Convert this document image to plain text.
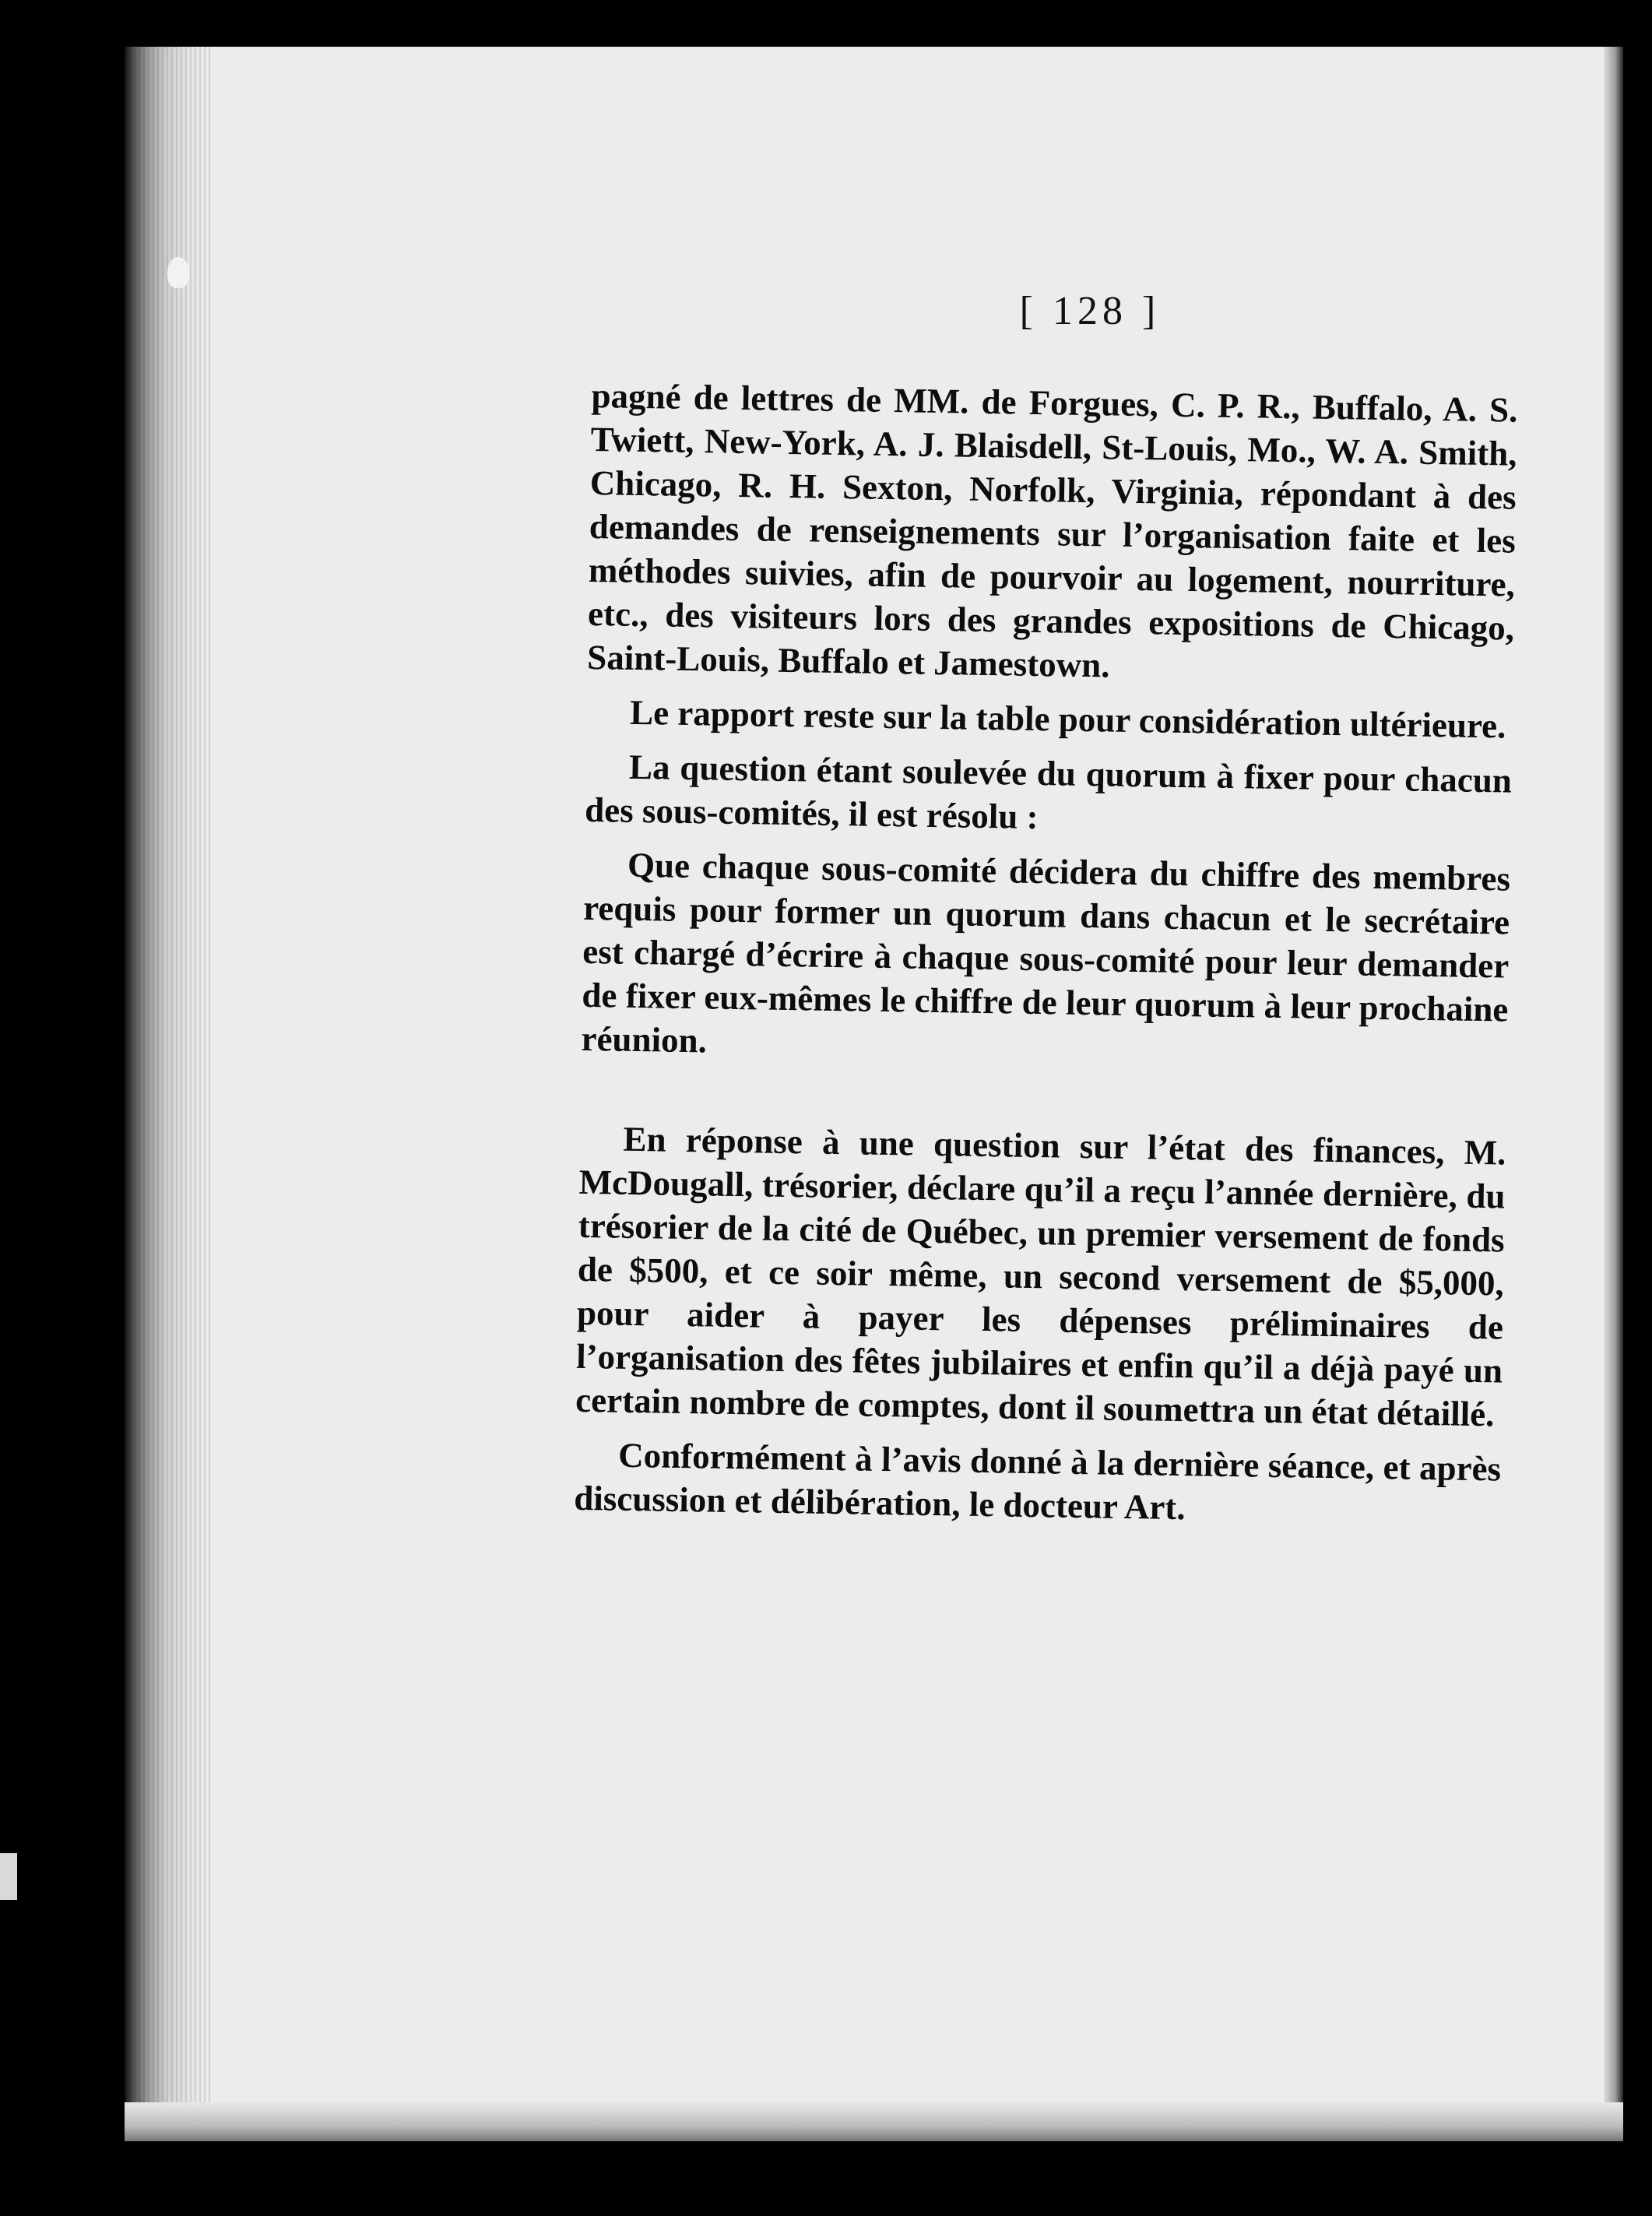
[ 128 ]

pagné de lettres de MM. de Forgues, C. P. R., Buffalo, A. S. Twiett, New-York, A. J. Blaisdell, St-Louis, Mo., W. A. Smith, Chicago, R. H. Sexton, Norfolk, Virginia, répondant à des demandes de renseignements sur l’organisation faite et les méthodes suivies, afin de pourvoir au logement, nourriture, etc., des visiteurs lors des grandes expositions de Chicago, Saint-Louis, Buffalo et Jamestown.

Le rapport reste sur la table pour considération ultérieure.

La question étant soulevée du quorum à fixer pour chacun des sous-comités, il est résolu :

Que chaque sous-comité décidera du chiffre des membres requis pour former un quorum dans chacun et le secrétaire est chargé d’écrire à chaque sous-comité pour leur demander de fixer eux-mêmes le chiffre de leur quorum à leur prochaine réunion.

En réponse à une question sur l’état des finances, M. McDougall, trésorier, déclare qu’il a reçu l’année dernière, du trésorier de la cité de Québec, un premier versement de fonds de $500, et ce soir même, un second versement de $5,000, pour aider à payer les dépenses préliminaires de l’organisation des fêtes jubilaires et enfin qu’il a déjà payé un certain nombre de comptes, dont il soumettra un état détaillé.

Conformément à l’avis donné à la dernière séance, et après discussion et délibération, le docteur Art.
